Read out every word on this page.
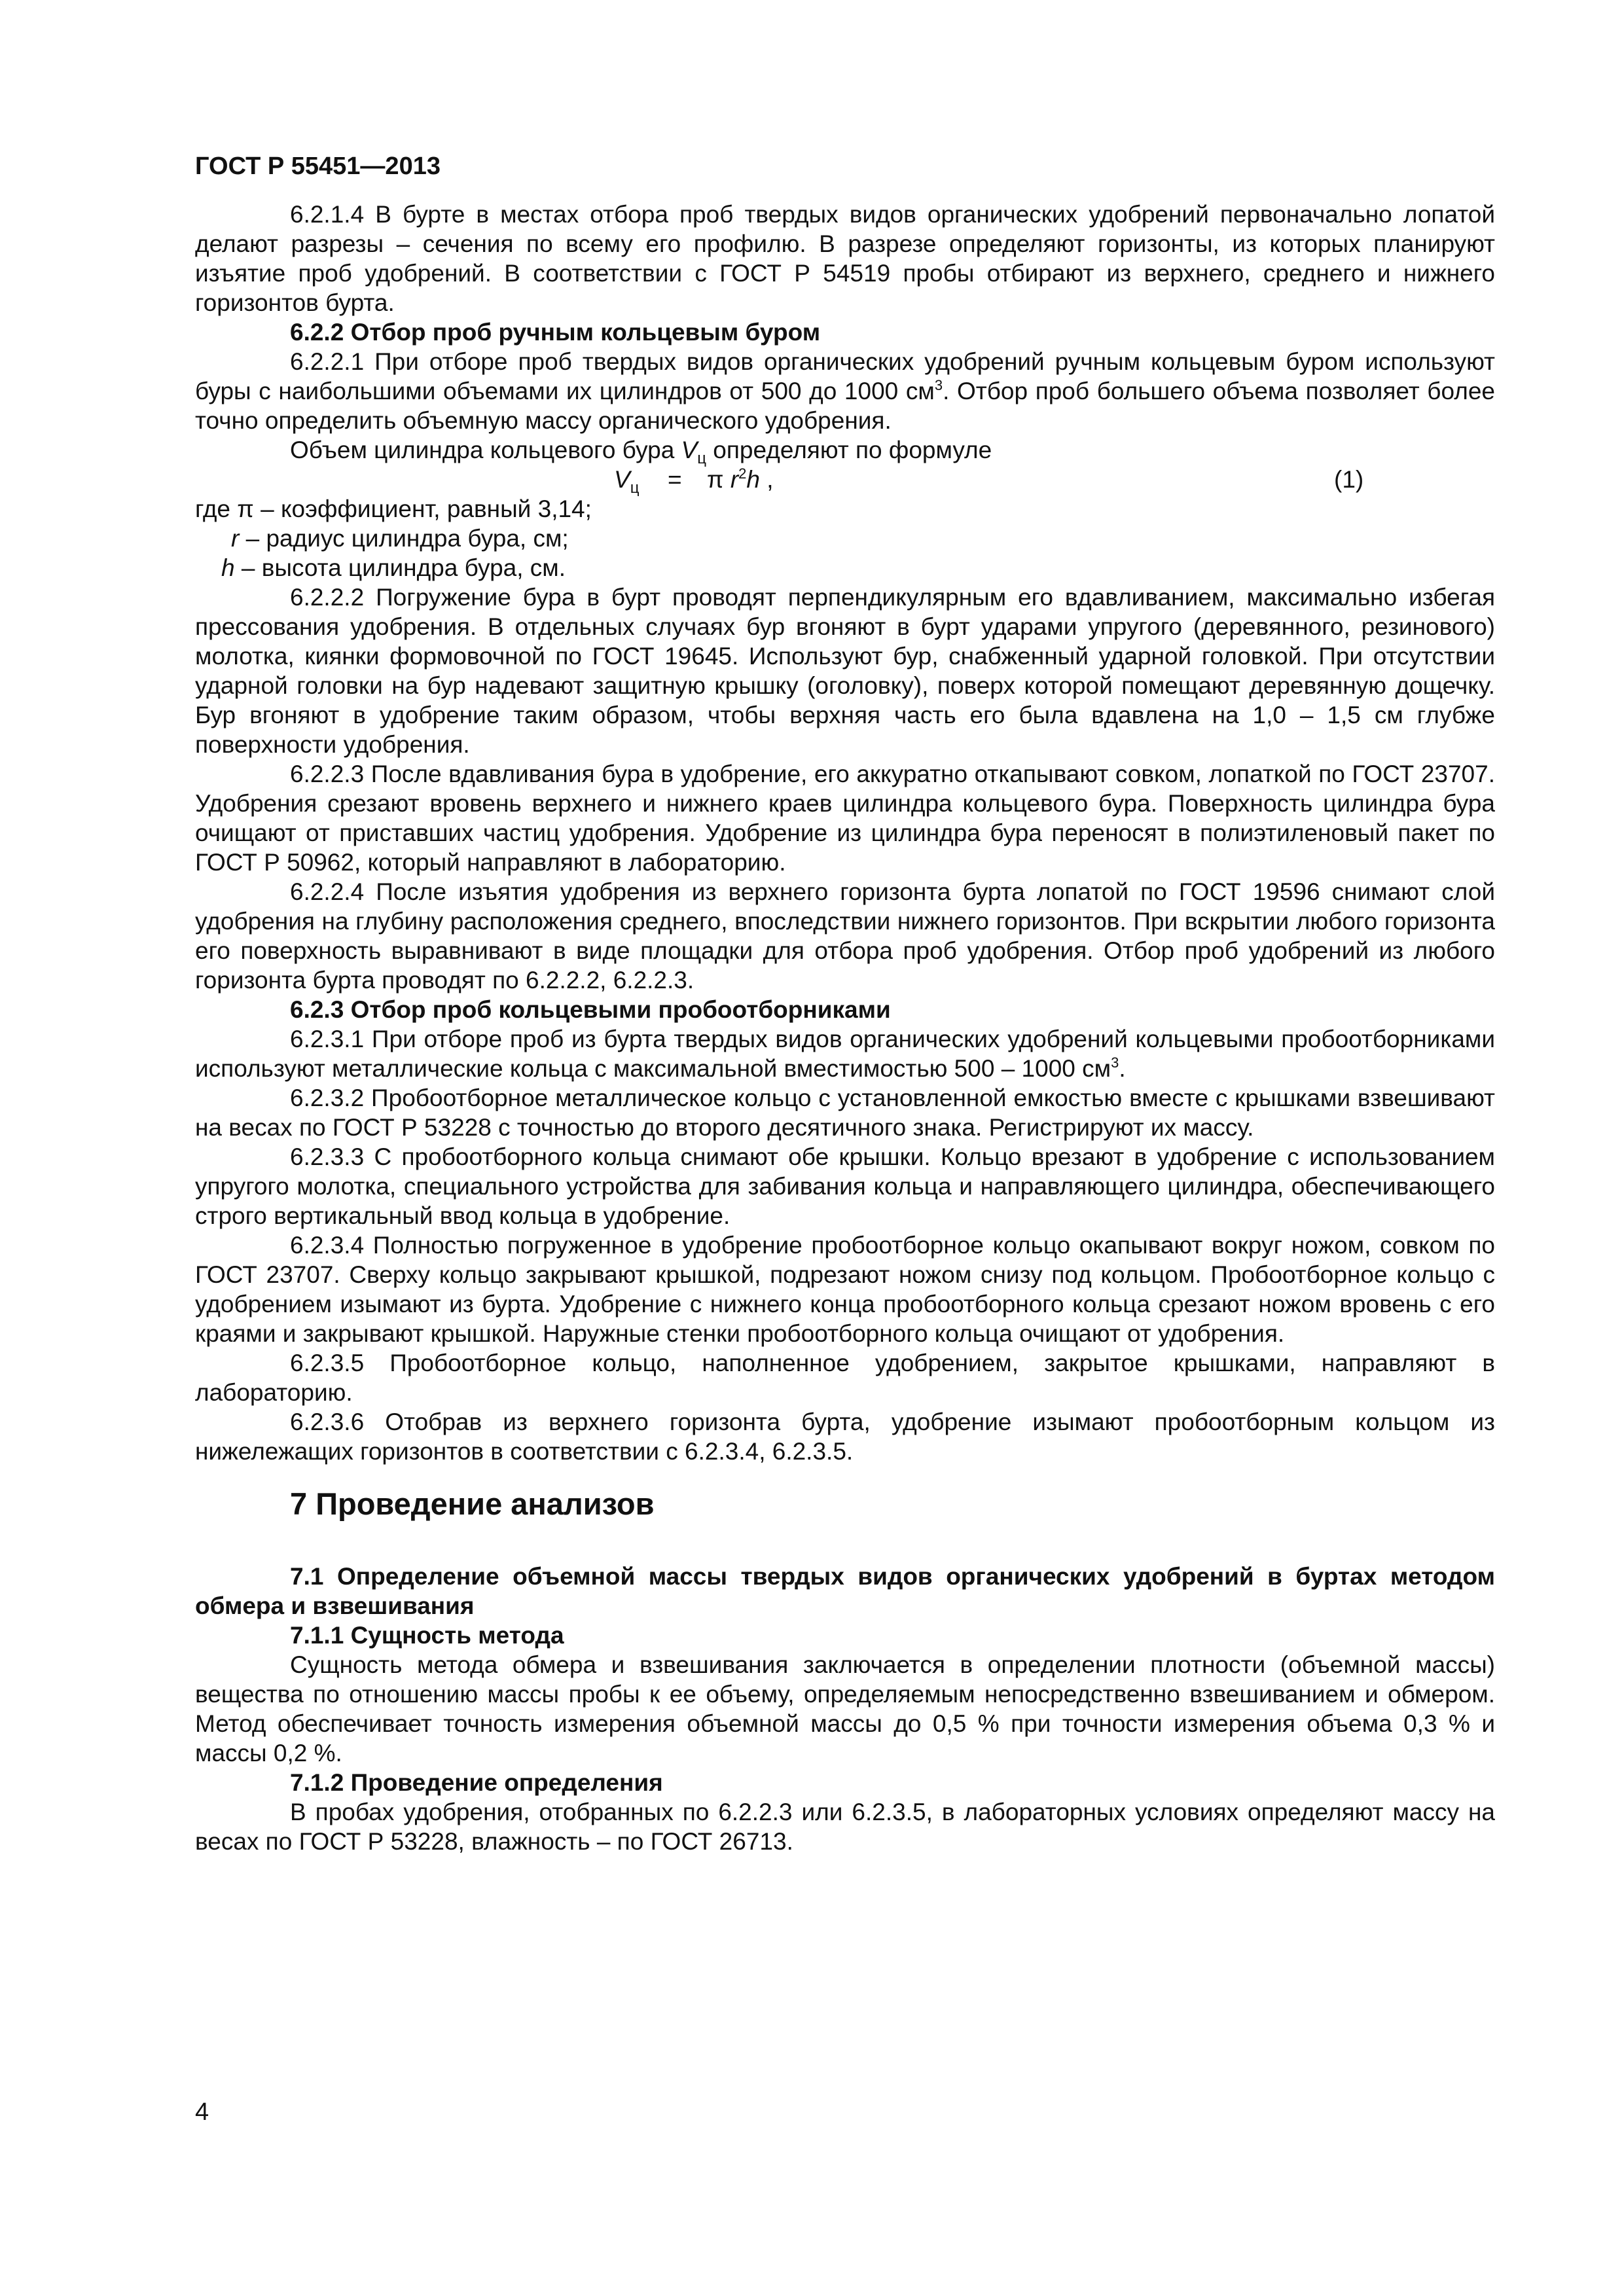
ГОСТ Р 55451—2013

6.2.1.4 В бурте в местах отбора проб твердых видов органических удобрений первоначально лопатой делают разрезы – сечения по всему его профилю. В разрезе определяют горизонты, из которых планируют изъятие проб удобрений. В соответствии с ГОСТ Р 54519 пробы отбирают из верхнего, среднего и нижнего горизонтов бурта.

6.2.2 Отбор проб ручным кольцевым буром

6.2.2.1 При отборе проб твердых видов органических удобрений ручным кольцевым буром используют буры с наибольшими объемами их цилиндров от 500 до 1000 $см^3$. Отбор проб большего объема позволяет более точно определить объемную массу органического удобрения.

Объем цилиндра кольцевого бура $V_ц$ определяют по формуле

$V_ц = \pi$ $r^2h$ ,	(1)

где π – коэффициент, равный 3,14;

r – радиус цилиндра бура, см;

h – высота цилиндра бура, см.

6.2.2.2 Погружение бура в бурт проводят перпендикулярным его вдавливанием, максимально избегая прессования удобрения. В отдельных случаях бур вгоняют в бурт ударами упругого (деревянного, резинового) молотка, киянки формовочной по ГОСТ 19645. Используют бур, снабженный ударной головкой. При отсутствии ударной головки на бур надевают защитную крышку (оголовку), поверх которой помещают деревянную дощечку. Бур вгоняют в удобрение таким образом, чтобы верхняя часть его была вдавлена на 1,0 – 1,5 см глубже поверхности удобрения.

6.2.2.3 После вдавливания бура в удобрение, его аккуратно откапывают совком, лопаткой по ГОСТ 23707. Удобрения срезают вровень верхнего и нижнего краев цилиндра кольцевого бура. Поверхность цилиндра бура очищают от приставших частиц удобрения. Удобрение из цилиндра бура переносят в полиэтиленовый пакет по ГОСТ Р 50962, который направляют в лабораторию.

6.2.2.4 После изъятия удобрения из верхнего горизонта бурта лопатой по ГОСТ 19596 снимают слой удобрения на глубину расположения среднего, впоследствии нижнего горизонтов. При вскрытии любого горизонта его поверхность выравнивают в виде площадки для отбора проб удобрения. Отбор проб удобрений из любого горизонта бурта проводят по 6.2.2.2, 6.2.2.3.

6.2.3 Отбор проб кольцевыми пробоотборниками

6.2.3.1 При отборе проб из бурта твердых видов органических удобрений кольцевыми пробоотборниками используют металлические кольца с максимальной вместимостью 500 – 1000 $см^3$.

6.2.3.2 Пробоотборное металлическое кольцо с установленной емкостью вместе с крышками взвешивают на весах по ГОСТ Р 53228 с точностью до второго десятичного знака. Регистрируют их массу.

6.2.3.3 С пробоотборного кольца снимают обе крышки. Кольцо врезают в удобрение с использованием упругого молотка, специального устройства для забивания кольца и направляющего цилиндра, обеспечивающего строго вертикальный ввод кольца в удобрение.

6.2.3.4 Полностью погруженное в удобрение пробоотборное кольцо окапывают вокруг ножом, совком по ГОСТ 23707. Сверху кольцо закрывают крышкой, подрезают ножом снизу под кольцом. Пробоотборное кольцо с удобрением изымают из бурта. Удобрение с нижнего конца пробоотборного кольца срезают ножом вровень с его краями и закрывают крышкой. Наружные стенки пробоотборного кольца очищают от удобрения.

6.2.3.5 Пробоотборное кольцо, наполненное удобрением, закрытое крышками, направляют в лабораторию.

6.2.3.6 Отобрав из верхнего горизонта бурта, удобрение изымают пробоотборным кольцом из нижележащих горизонтов в соответствии с 6.2.3.4, 6.2.3.5.

7 Проведение анализов

7.1 Определение объемной массы твердых видов органических удобрений в буртах методом обмера и взвешивания

7.1.1 Сущность метода

Сущность метода обмера и взвешивания заключается в определении плотности (объемной массы) вещества по отношению массы пробы к ее объему, определяемым непосредственно взвешиванием и обмером. Метод обеспечивает точность измерения объемной массы до 0,5 % при точности измерения объема 0,3 % и массы 0,2 %.

7.1.2 Проведение определения

В пробах удобрения, отобранных по 6.2.2.3 или 6.2.3.5, в лабораторных условиях определяют массу на весах по ГОСТ Р 53228, влажность – по ГОСТ 26713.

4
